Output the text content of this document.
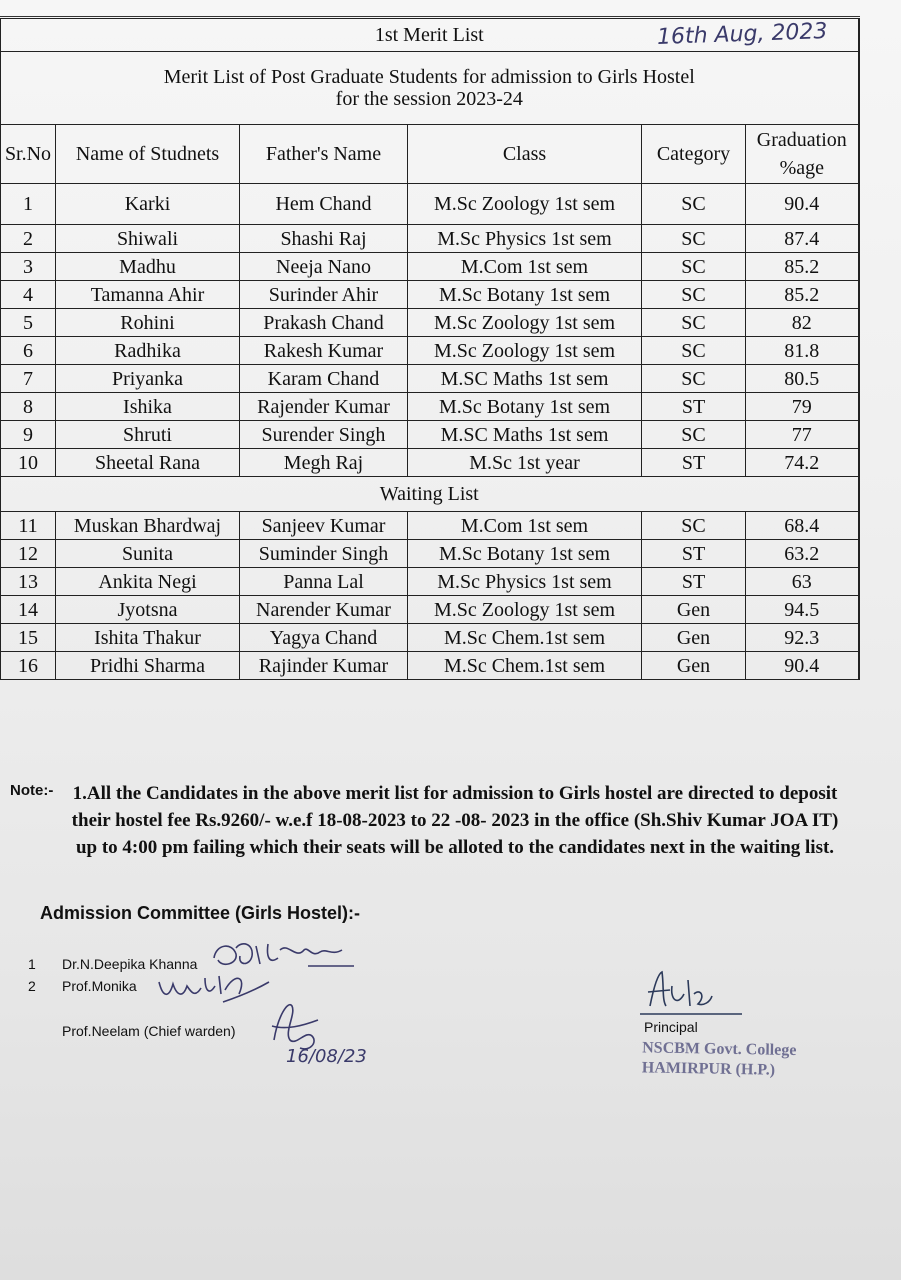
1st Merit List 16th Aug, 2023					

Merit List of Post Graduate Students for admission to Girls Hostel for the session 2023-24					
Sr.No	Name of Studnets	Father's Name	Class	Category	Graduation %age
1	Karki	Hem Chand	M.Sc Zoology 1st sem	SC	90.4
2	Shiwali	Shashi Raj	M.Sc Physics 1st sem	SC	87.4
3	Madhu	Neeja Nano	M.Com 1st sem	SC	85.2
4	Tamanna Ahir	Surinder Ahir	M.Sc Botany 1st sem	SC	85.2
5	Rohini	Prakash Chand	M.Sc Zoology 1st sem	SC	82
6	Radhika	Rakesh Kumar	M.Sc Zoology 1st sem	SC	81.8
7	Priyanka	Karam Chand	M.SC Maths 1st sem	SC	80.5
8	Ishika	Rajender Kumar	M.Sc Botany 1st sem	ST	79
9	Shruti	Surender Singh	M.SC Maths 1st sem	SC	77
10	Sheetal Rana	Megh Raj	M.Sc 1st year	ST	74.2
Waiting List					
11	Muskan Bhardwaj	Sanjeev Kumar	M.Com 1st sem	SC	68.4
12	Sunita	Suminder Singh	M.Sc Botany 1st sem	ST	63.2
13	Ankita Negi	Panna Lal	M.Sc Physics 1st sem	ST	63
14	Jyotsna	Narender Kumar	M.Sc Zoology 1st sem	Gen	94.5
15	Ishita Thakur	Yagya Chand	M.Sc Chem.1st sem	Gen	92.3
16	Pridhi Sharma	Rajinder Kumar	M.Sc Chem.1st sem	Gen	90.4
Note:-	1.All the Candidates in the above merit list for admission to Girls hostel are directed to deposit their hostel fee Rs.9260/- w.e.f 18-08-2023 to 22 -08- 2023 in the office (Sh.Shiv Kumar JOA IT) up to 4:00 pm failing which their seats will be alloted to the candidates next in the waiting list.
Admission Committee (Girls Hostel):-
1 Dr.N.Deepika Khanna
2 Prof.Monika
Prof.Neelam (Chief warden)
16/08/23
Principal
NSCBM Govt. College
HAMIRPUR (H.P.)
